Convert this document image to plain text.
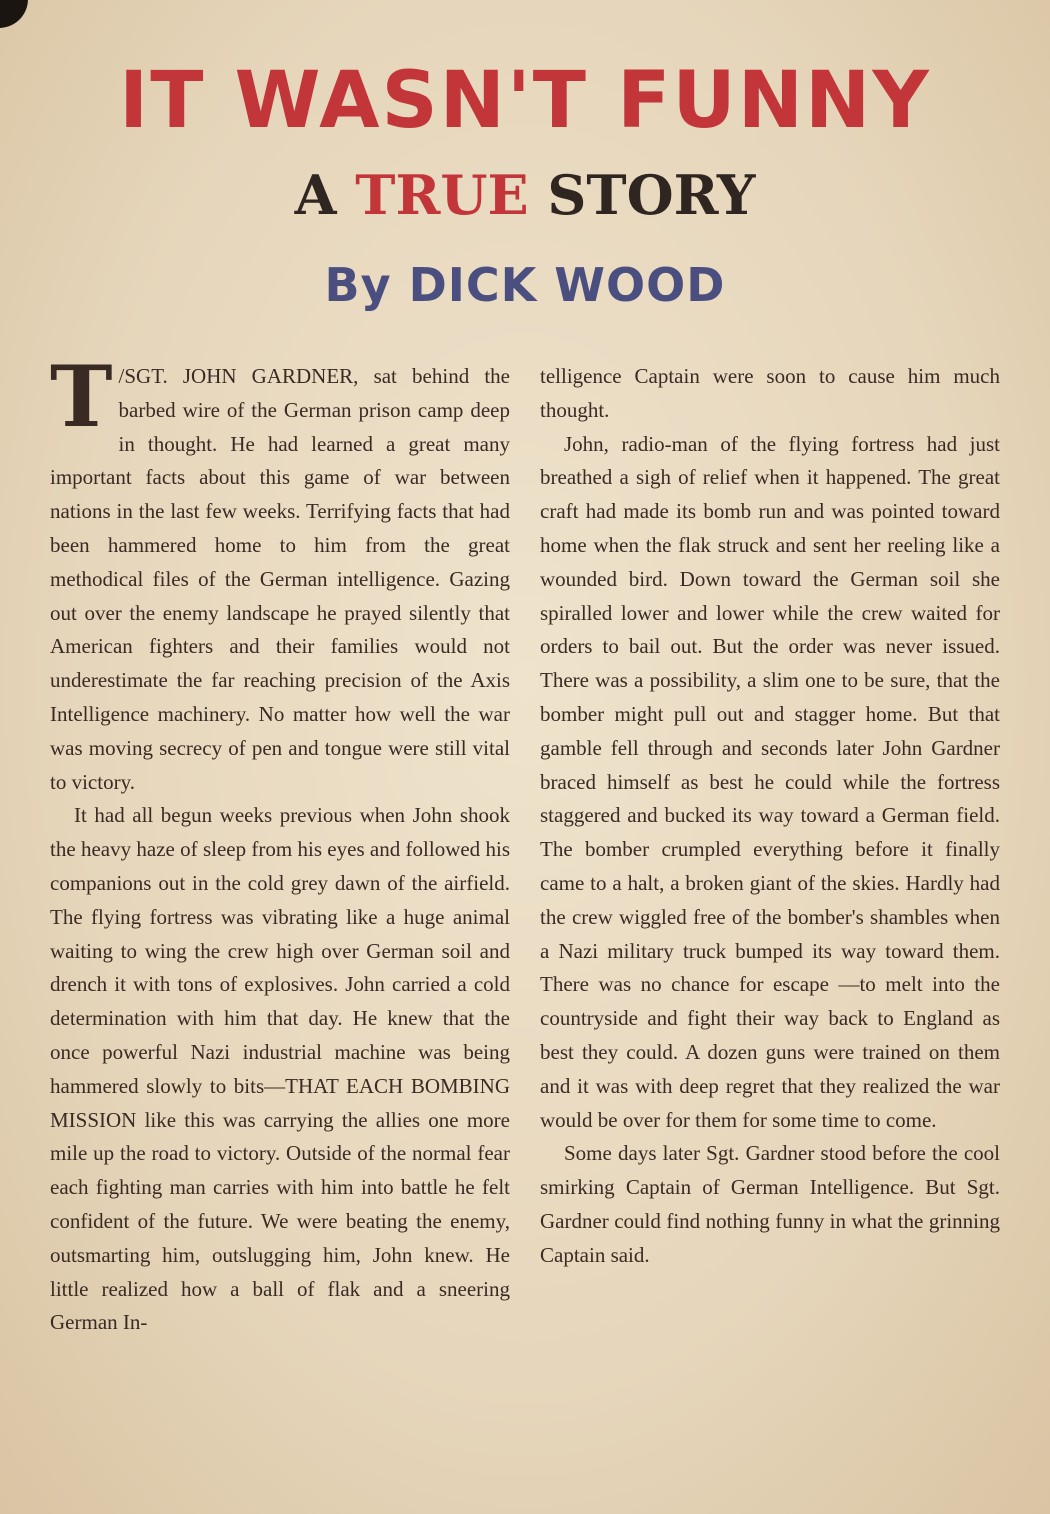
IT WASN'T FUNNY
A TRUE STORY
By DICK WOOD

T /SGT. JOHN GARDNER, sat behind the barbed wire of the German prison camp deep in thought. He had learned a great many important facts about this game of war between nations in the last few weeks. Terrifying facts that had been hammered home to him from the great methodical files of the German intelligence. Gazing out over the enemy landscape he prayed silently that American fighters and their families would not underestimate the far reaching precision of the Axis Intelligence machinery. No matter how well the war was moving secrecy of pen and tongue were still vital to victory.

It had all begun weeks previous when John shook the heavy haze of sleep from his eyes and followed his companions out in the cold grey dawn of the airfield. The flying fortress was vibrating like a huge animal waiting to wing the crew high over German soil and drench it with tons of explosives. John carried a cold determination with him that day. He knew that the once powerful Nazi industrial machine was being hammered slowly to bits—THAT EACH BOMBING MISSION like this was carrying the allies one more mile up the road to victory. Outside of the normal fear each fighting man carries with him into battle he felt confident of the future. We were beating the enemy, outsmarting him, outslugging him, John knew. He little realized how a ball of flak and a sneering German In-

telligence Captain were soon to cause him much thought.

John, radio-man of the flying fortress had just breathed a sigh of relief when it happened. The great craft had made its bomb run and was pointed toward home when the flak struck and sent her reeling like a wounded bird. Down toward the German soil she spiralled lower and lower while the crew waited for orders to bail out. But the order was never issued. There was a possibility, a slim one to be sure, that the bomber might pull out and stagger home. But that gamble fell through and seconds later John Gardner braced himself as best he could while the fortress staggered and bucked its way toward a German field. The bomber crumpled everything before it finally came to a halt, a broken giant of the skies. Hardly had the crew wiggled free of the bomber's shambles when a Nazi military truck bumped its way toward them. There was no chance for escape —to melt into the countryside and fight their way back to England as best they could. A dozen guns were trained on them and it was with deep regret that they realized the war would be over for them for some time to come.

Some days later Sgt. Gardner stood before the cool smirking Captain of German Intelligence. But Sgt. Gardner could find nothing funny in what the grinning Captain said.
